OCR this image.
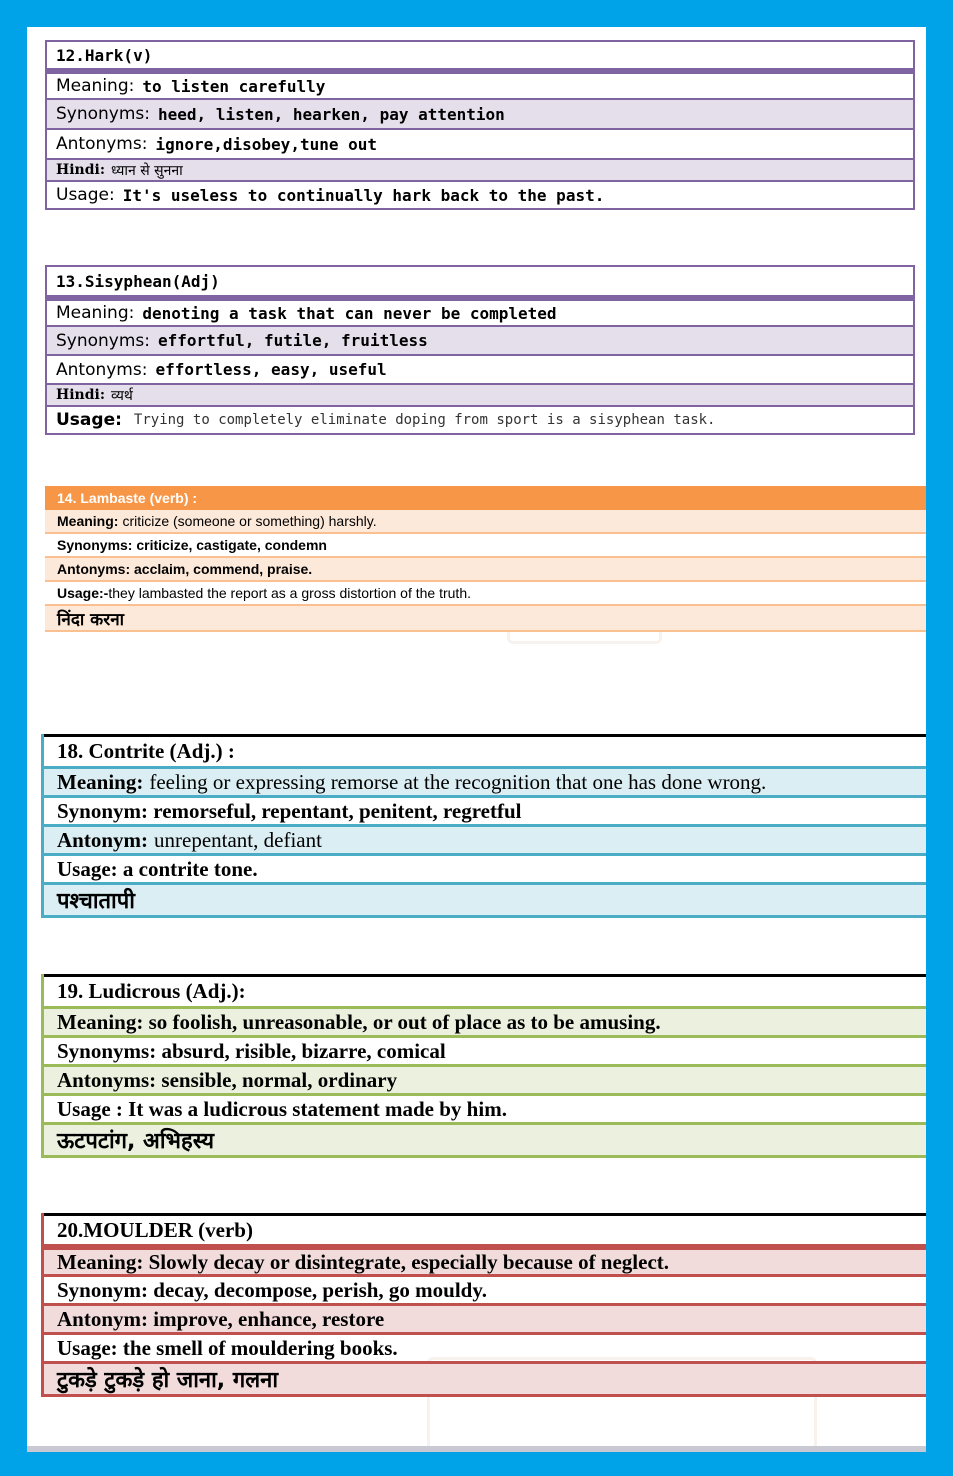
12.Hark(v)
Meaning: to listen carefully
Synonyms: heed, listen, hearken, pay attention
Antonyms: ignore,disobey,tune out
Hindi: ध्यान से सुनना
Usage: It's useless to continually hark back to the past.
13.Sisyphean(Adj)
Meaning: denoting a task that can never be completed
Synonyms: effortful, futile, fruitless
Antonyms: effortless, easy, useful
Hindi: व्यर्थ
Usage: Trying to completely eliminate doping from sport is a sisyphean task.
14. Lambaste (verb) :
Meaning: criticize (someone or something) harshly.
Synonyms: criticize, castigate, condemn
Antonyms: acclaim, commend, praise.
Usage:- they lambasted the report as a gross distortion of the truth.
निंदा करना
18. Contrite (Adj.) :
Meaning: feeling or expressing remorse at the recognition that one has done wrong.
Synonym: remorseful, repentant, penitent, regretful
Antonym: unrepentant, defiant
Usage: a contrite tone.
पश्चातापी
19. Ludicrous (Adj.):
Meaning: so foolish, unreasonable, or out of place as to be amusing.
Synonyms: absurd, risible, bizarre, comical
Antonyms: sensible, normal, ordinary
Usage : It was a ludicrous statement made by him.
ऊटपटांग, अभिहस्य
20.MOULDER (verb)
Meaning: Slowly decay or disintegrate, especially because of neglect.
Synonym: decay, decompose, perish, go mouldy.
Antonym: improve, enhance, restore
Usage: the smell of mouldering books.
टुकड़े टुकड़े हो जाना, गलना
